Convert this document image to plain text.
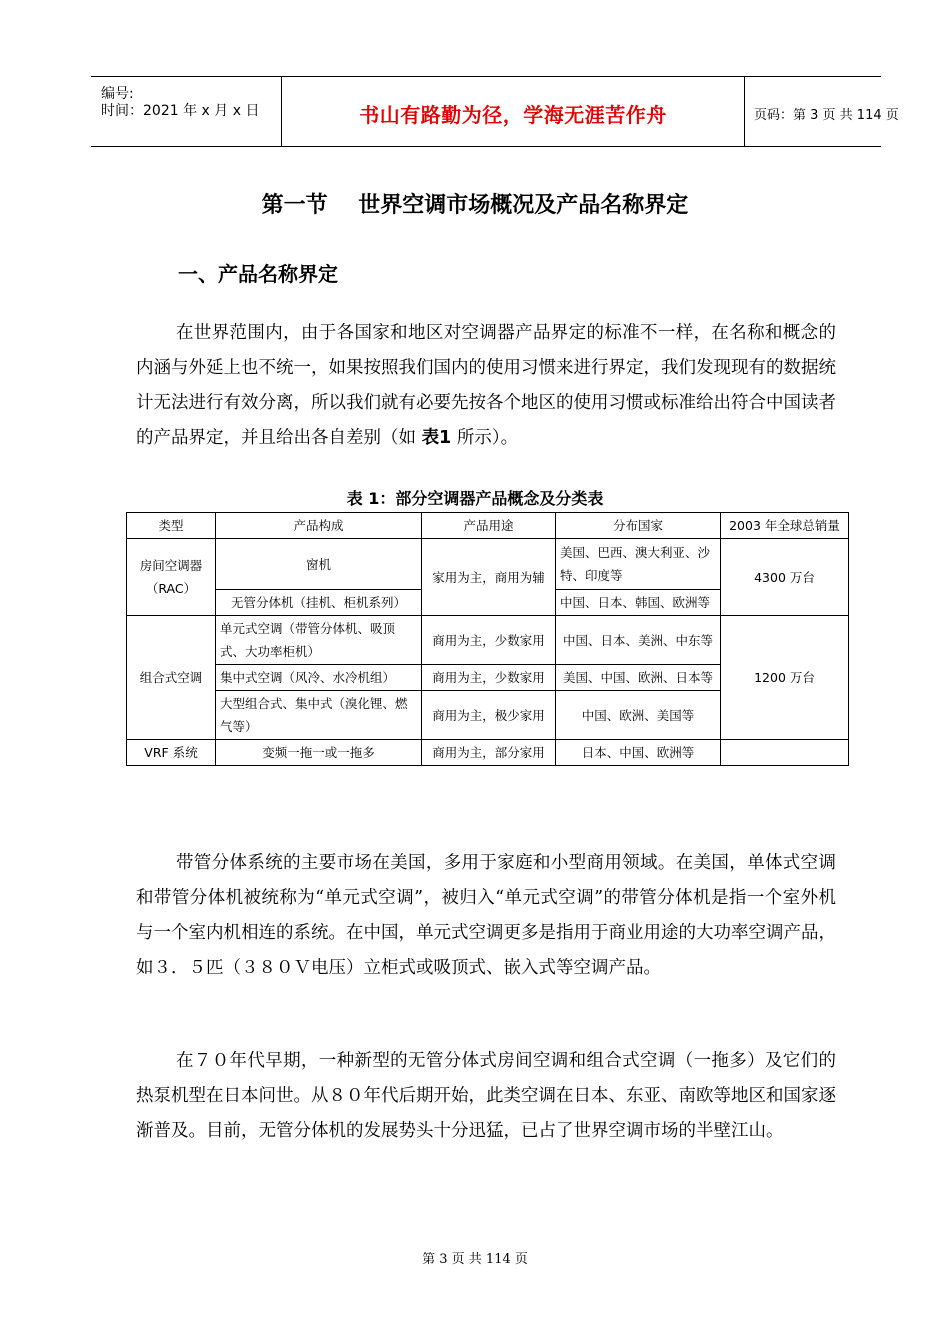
编号:
时间：2021 年 x 月 x 日	书山有路勤为径，学海无涯苦作舟	页码：第 3 页 共 114 页
第一节    世界空调市场概况及产品名称界定
一、产品名称界定

在世界范围内，由于各国家和地区对空调器产品界定的标准不一样，在名称和概念的内涵与外延上也不统一，如果按照我们国内的使用习惯来进行界定，我们发现现有的数据统计无法进行有效分离，所以我们就有必要先按各个地区的使用习惯或标准给出符合中国读者的产品界定，并且给出各自差别（如 表1 所示）。

表 1：部分空调器产品概念及分类表
类型	产品构成	产品用途	分布国家	2003 年全球总销量
房间空调器（RAC）	窗机	家用为主，商用为辅	美国、巴西、澳大利亚、沙特、印度等	4300 万台
	无管分体机（挂机、柜机系列）		中国、日本、韩国、欧洲等	
组合式空调	单元式空调（带管分体机、吸顶式、大功率柜机）	商用为主，少数家用	中国、日本、美洲、中东等	1200 万台
	集中式空调（风冷、水冷机组）	商用为主，少数家用	美国、中国、欧洲、日本等	
	大型组合式、集中式（溴化锂、燃气等）	商用为主，极少家用	中国、欧洲、美国等	
VRF 系统	变频一拖一或一拖多	商用为主，部分家用	日本、中国、欧洲等	

带管分体系统的主要市场在美国，多用于家庭和小型商用领域。在美国，单体式空调和带管分体机被统称为“单元式空调”，被归入“单元式空调”的带管分体机是指一个室外机与一个室内机相连的系统。在中国，单元式空调更多是指用于商业用途的大功率空调产品，如３．５匹（３８０Ｖ电压）立柜式或吸顶式、嵌入式等空调产品。

在７０年代早期，一种新型的无管分体式房间空调和组合式空调（一拖多）及它们的热泵机型在日本问世。从８０年代后期开始，此类空调在日本、东亚、南欧等地区和国家逐渐普及。目前，无管分体机的发展势头十分迅猛，已占了世界空调市场的半壁江山。

第 3 页 共 114 页
